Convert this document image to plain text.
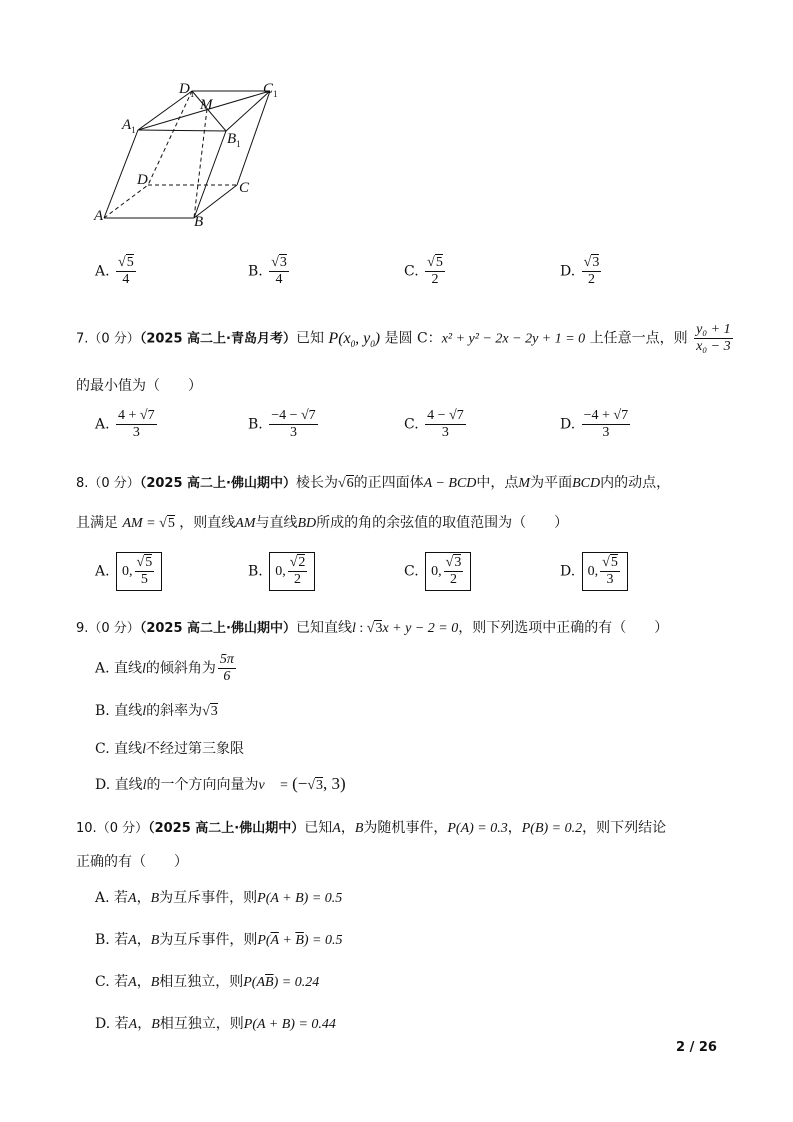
$D_1$	$C_1$
M
$A_1$
$B_1$
D	C
A	B
A. $\frac{√5}{4}$	B. $\frac{√3}{4}$	C. $\frac{√5}{2}$	D. $\frac{√3}{2}$
7.（0 分）（2025 高二上·青岛月考）已知 $P(x_0$, $y_0$) 是圆 C：x² + y² − 2x − 2y + 1 = 0 上任意一点，则 $\frac{\text{y₀ + 1}}{\text{x₀ − 3}}$
的最小值为（　　）
A. $\frac{4 + √7}{3}$	B. $\frac{-4 - √7}{3}$	C. $\frac{4 - √7}{3}$	D. $\frac{-4 + √7}{3}$
8.（0 分）（2025 高二上·佛山期中）棱长为√6的正四面体A − BCD中，点M为平面BCD内的动点，
且满足 AM = √5 ，则直线AM与直线BD所成的角的余弦值的取值范围为（　　）
A. 0, $\frac{√5}{5}$	B. 0, $\frac{√2}{2}$	C. 0, $\frac{√3}{2}$	D. 0, $\frac{√5}{3}$
9.（0 分）（2025 高二上·佛山期中）已知直线l : √3x + y − 2 = 0，则下列选项中正确的有（　　）
A. 直线l的倾斜角为 $\frac{5\pi}{6}$
B. 直线l的斜率为√3
C. 直线l不经过第三象限
D. 直线l的一个方向向量为v⃗ = (−√3, 3)
10.（0 分）（2025 高二上·佛山期中）已知A，B为随机事件，P(A) = 0.3，P(B) = 0.2，则下列结论
正确的有（　　）
A. 若A，B为互斥事件，则P(A + B) = 0.5
B. 若A，B为互斥事件，则$P(\overline{A} + \overline{B}) = 0.5$
C. 若A，B相互独立，则$P(A\overline{B}) = 0.24$
D. 若A，B相互独立，则P(A + B) = 0.44
2 / 26
